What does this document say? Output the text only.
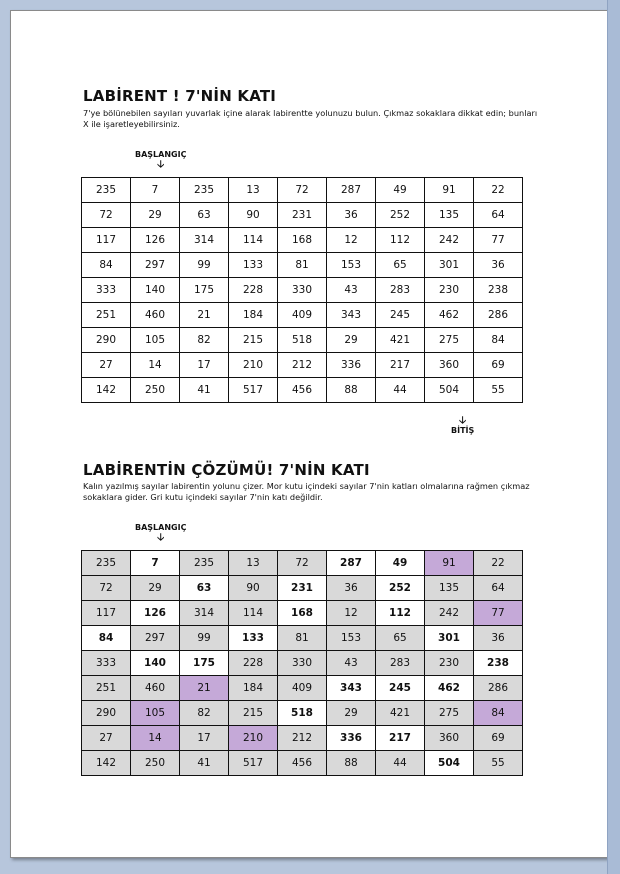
LABİRENT ! 7'NİN KATI
7'ye bölünebilen sayıları yuvarlak içine alarak labirentte yolunuzu bulun. Çıkmaz sokaklara dikkat edin; bunları X ile işaretleyebilirsiniz.
BAŞLANGIÇ
🡣
235	7	235	13	72	287	49	91	22
72	29	63	90	231	36	252	135	64
117	126	314	114	168	12	112	242	77
84	297	99	133	81	153	65	301	36
333	140	175	228	330	43	283	230	238
251	460	21	184	409	343	245	462	286
290	105	82	215	518	29	421	275	84
27	14	17	210	212	336	217	360	69
142	250	41	517	456	88	44	504	55
🡣
BİTİŞ
LABİRENTİN ÇÖZÜMÜ! 7'NİN KATI
Kalın yazılmış sayılar labirentin yolunu çizer. Mor kutu içindeki sayılar 7'nin katları olmalarına rağmen çıkmaz sokaklara gider. Gri kutu içindeki sayılar 7'nin katı değildir.
BAŞLANGIÇ
🡣
235	7	235	13	72	287	49	91	22
72	29	63	90	231	36	252	135	64
117	126	314	114	168	12	112	242	77
84	297	99	133	81	153	65	301	36
333	140	175	228	330	43	283	230	238
251	460	21	184	409	343	245	462	286
290	105	82	215	518	29	421	275	84
27	14	17	210	212	336	217	360	69
142	250	41	517	456	88	44	504	55
